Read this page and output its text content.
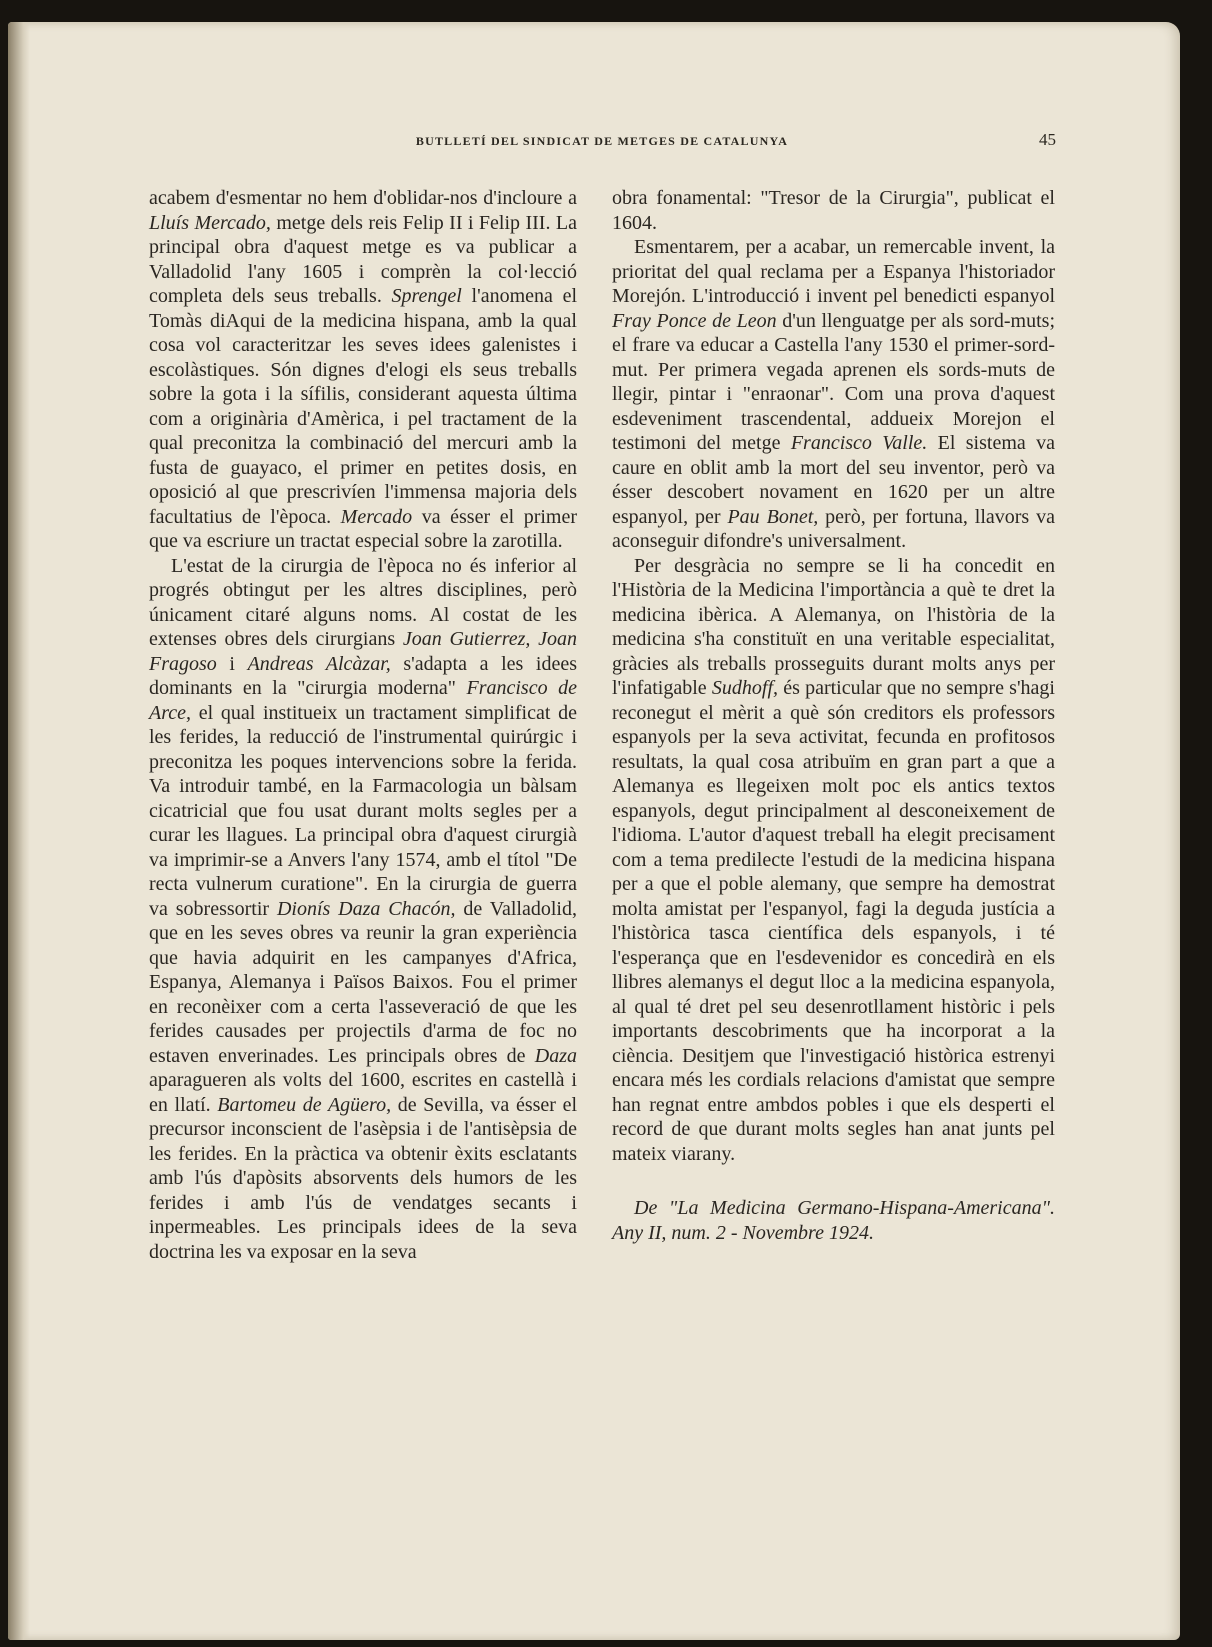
BUTLLETÍ DEL SINDICAT DE METGES DE CATALUNYA	45

acabem d'esmentar no hem d'oblidar-nos d'incloure a Lluís Mercado, metge dels reis Felip II i Felip III. La principal obra d'aquest metge es va publicar a Valladolid l'any 1605 i comprèn la col·lecció completa dels seus treballs. Sprengel l'anomena el Tomàs diAqui de la medicina hispana, amb la qual cosa vol caracteritzar les seves idees galenistes i escolàstiques. Són dignes d'elogi els seus treballs sobre la gota i la sífilis, considerant aquesta última com a originària d'Amèrica, i pel tractament de la qual preconitza la combinació del mercuri amb la fusta de guayaco, el primer en petites dosis, en oposició al que prescrivíen l'immensa majoria dels facultatius de l'època. Mercado va ésser el primer que va escriure un tractat especial sobre la zarotilla.

L'estat de la cirurgia de l'època no és inferior al progrés obtingut per les altres disciplines, però únicament citaré alguns noms. Al costat de les extenses obres dels cirurgians Joan Gutierrez, Joan Fragoso i Andreas Alcàzar, s'adapta a les idees dominants en la "cirurgia moderna" Francisco de Arce, el qual institueix un tractament simplificat de les ferides, la reducció de l'instrumental quirúrgic i preconitza les poques intervencions sobre la ferida. Va introduir també, en la Farmacologia un bàlsam cicatricial que fou usat durant molts segles per a curar les llagues. La principal obra d'aquest cirurgià va imprimir-se a Anvers l'any 1574, amb el títol "De recta vulnerum curatione". En la cirurgia de guerra va sobressortir Dionís Daza Chacón, de Valladolid, que en les seves obres va reunir la gran experiència que havia adquirit en les campanyes d'Africa, Espanya, Alemanya i Països Baixos. Fou el primer en reconèixer com a certa l'asseveració de que les ferides causades per projectils d'arma de foc no estaven enverinades. Les principals obres de Daza aparagueren als volts del 1600, escrites en castellà i en llatí. Bartomeu de Agüero, de Sevilla, va ésser el precursor inconscient de l'asèpsia i de l'antisèpsia de les ferides. En la pràctica va obtenir èxits esclatants amb l'ús d'apòsits absorvents dels humors de les ferides i amb l'ús de vendatges secants i inpermeables. Les principals idees de la seva doctrina les va exposar en la seva

obra fonamental: "Tresor de la Cirurgia", publicat el 1604.

Esmentarem, per a acabar, un remercable invent, la prioritat del qual reclama per a Espanya l'historiador Morejón. L'introducció i invent pel benedicti espanyol Fray Ponce de Leon d'un llenguatge per als sord-muts; el frare va educar a Castella l'any 1530 el primer-sord-mut. Per primera vegada aprenen els sords-muts de llegir, pintar i "enraonar". Com una prova d'aquest esdeveniment trascendental, addueix Morejon el testimoni del metge Francisco Valle. El sistema va caure en oblit amb la mort del seu inventor, però va ésser descobert novament en 1620 per un altre espanyol, per Pau Bonet, però, per fortuna, llavors va aconseguir difondre's universalment.

Per desgràcia no sempre se li ha concedit en l'Història de la Medicina l'importància a què te dret la medicina ibèrica. A Alemanya, on l'història de la medicina s'ha constituït en una veritable especialitat, gràcies als treballs prosseguits durant molts anys per l'infatigable Sudhoff, és particular que no sempre s'hagi reconegut el mèrit a què són creditors els professors espanyols per la seva activitat, fecunda en profitosos resultats, la qual cosa atribuïm en gran part a que a Alemanya es llegeixen molt poc els antics textos espanyols, degut principalment al desconeixement de l'idioma. L'autor d'aquest treball ha elegit precisament com a tema predilecte l'estudi de la medicina hispana per a que el poble alemany, que sempre ha demostrat molta amistat per l'espanyol, fagi la deguda justícia a l'històrica tasca científica dels espanyols, i té l'esperança que en l'esdevenidor es concedirà en els llibres alemanys el degut lloc a la medicina espanyola, al qual té dret pel seu desenrotllament històric i pels importants descobriments que ha incorporat a la ciència. Desitjem que l'investigació històrica estrenyi encara més les cordials relacions d'amistat que sempre han regnat entre ambdos pobles i que els desperti el record de que durant molts segles han anat junts pel mateix viarany.

De "La Medicina Germano-Hispana-Americana". Any II, num. 2 - Novembre 1924.
